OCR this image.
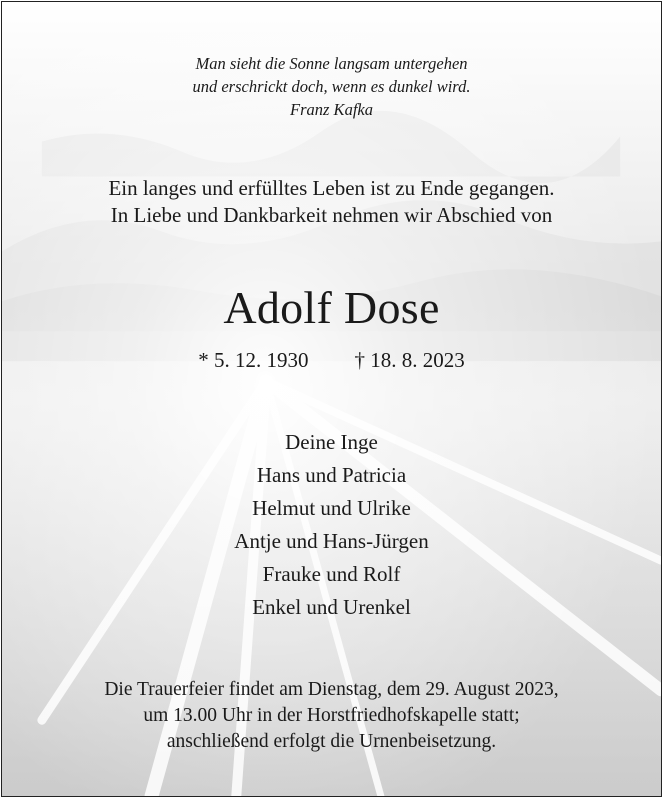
Man sieht die Sonne langsam untergehen
und erschrickt doch, wenn es dunkel wird.
Franz Kafka
Ein langes und erfülltes Leben ist zu Ende gegangen.
In Liebe und Dankbarkeit nehmen wir Abschied von
Adolf Dose
* 5. 12. 1930 † 18. 8. 2023
Deine Inge
Hans und Patricia
Helmut und Ulrike
Antje und Hans-Jürgen
Frauke und Rolf
Enkel und Urenkel
Die Trauerfeier findet am Dienstag, dem 29. August 2023,
um 13.00 Uhr in der Horstfriedhofskapelle statt;
anschließend erfolgt die Urnenbeisetzung.
